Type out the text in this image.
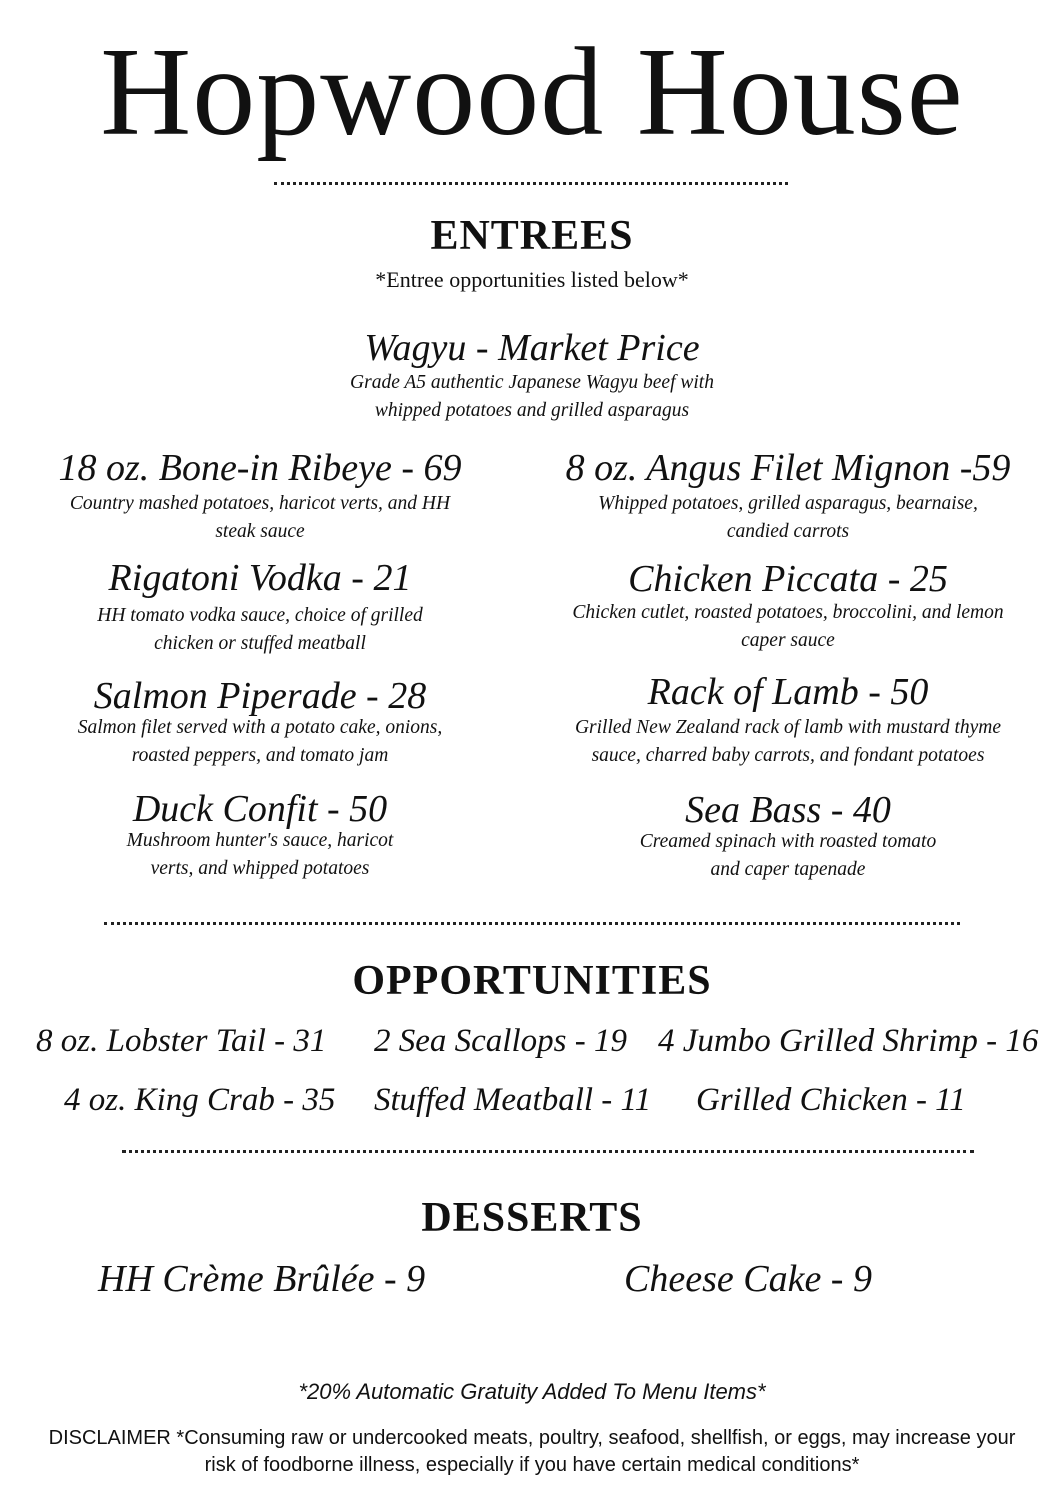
Hopwood House
ENTREES
*Entree opportunities listed below*
Wagyu - Market Price
Grade A5 authentic Japanese Wagyu beef with
whipped potatoes and grilled asparagus
18 oz. Bone-in Ribeye - 69
Country mashed potatoes, haricot verts, and HH
steak sauce
Rigatoni Vodka - 21
HH tomato vodka sauce, choice of grilled
chicken or stuffed meatball
Salmon Piperade - 28
Salmon filet served with a potato cake, onions,
roasted peppers, and tomato jam
Duck Confit - 50
Mushroom hunter's sauce, haricot
verts, and whipped potatoes
8 oz. Angus Filet Mignon -59
Whipped potatoes, grilled asparagus, bearnaise,
candied carrots
Chicken Piccata - 25
Chicken cutlet, roasted potatoes, broccolini, and lemon
caper sauce
Rack of Lamb - 50
Grilled New Zealand rack of lamb with mustard thyme
sauce, charred baby carrots, and fondant potatoes
Sea Bass - 40
Creamed spinach with roasted tomato
and caper tapenade
OPPORTUNITIES
8 oz. Lobster Tail - 31 2 Sea Scallops - 19 4 Jumbo Grilled Shrimp - 16
4 oz. King Crab - 35 Stuffed Meatball - 11 Grilled Chicken - 11
DESSERTS
HH Crème Brûlée - 9	Cheese Cake - 9
*20% Automatic Gratuity Added To Menu Items*
DISCLAIMER *Consuming raw or undercooked meats, poultry, seafood, shellfish, or eggs, may increase your
risk of foodborne illness, especially if you have certain medical conditions*
